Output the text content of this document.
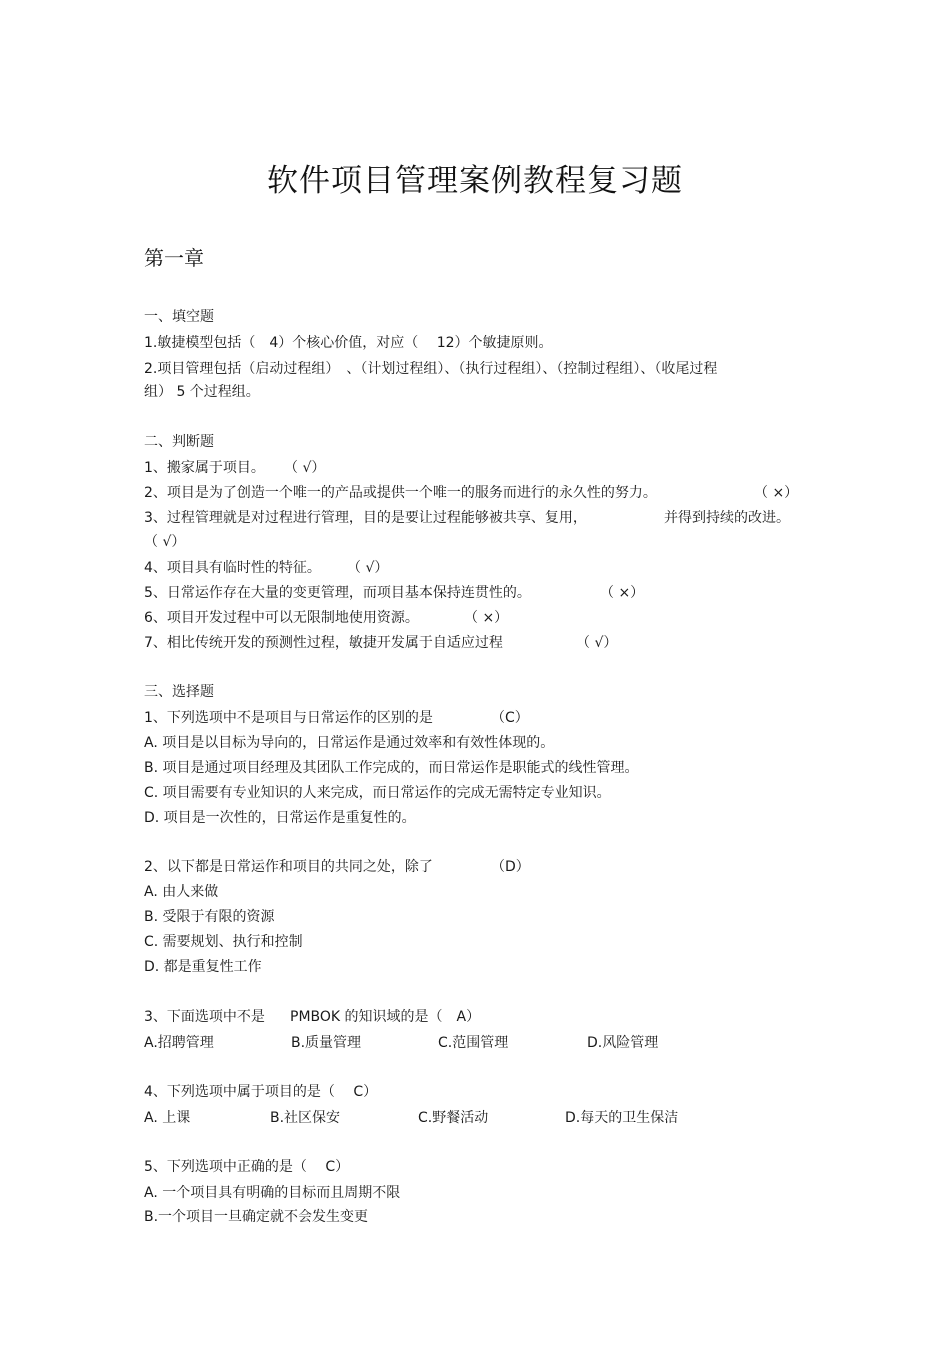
软件项目管理案例教程复习题
第一章
一、填空题
1.敏捷模型包括（　4）个核心价值，对应（　 12）个敏捷原则。
2.项目管理包括（启动过程组）　、（计划过程组）、（执行过程组）、（控制过程组）、（收尾过程
组） 5 个过程组。
二、判断题
1、搬家属于项目。 （ √）
2、项目是为了创造一个唯一的产品或提供一个唯一的服务而进行的永久性的努力。	（ ×）
3、过程管理就是对过程进行管理，目的是要让过程能够被共享、复用，	并得到持续的改进。
（ √）
4、项目具有临时性的特征。 （ √）
5、日常运作存在大量的变更管理，而项目基本保持连贯性的。	（ ×）
6、项目开发过程中可以无限制地使用资源。	（ ×）
7、相比传统开发的预测性过程，敏捷开发属于自适应过程	（ √）
三、选择题
1、下列选项中不是项目与日常运作的区别的是	（C）
A. 项目是以目标为导向的，日常运作是通过效率和有效性体现的。
B. 项目是通过项目经理及其团队工作完成的，而日常运作是职能式的线性管理。
C. 项目需要有专业知识的人来完成，而日常运作的完成无需特定专业知识。
D. 项目是一次性的，日常运作是重复性的。
2、以下都是日常运作和项目的共同之处，除了	（D）
A. 由人来做
B. 受限于有限的资源
C. 需要规划、执行和控制
D. 都是重复性工作
3、下面选项中不是 PMBOK 的知识域的是（　A）
A.招聘管理	B.质量管理	C.范围管理	D.风险管理
4、下列选项中属于项目的是（　 C）
A. 上课	B.社区保安	C.野餐活动	D.每天的卫生保洁
5、下列选项中正确的是（　 C）
A. 一个项目具有明确的目标而且周期不限
B.一个项目一旦确定就不会发生变更
